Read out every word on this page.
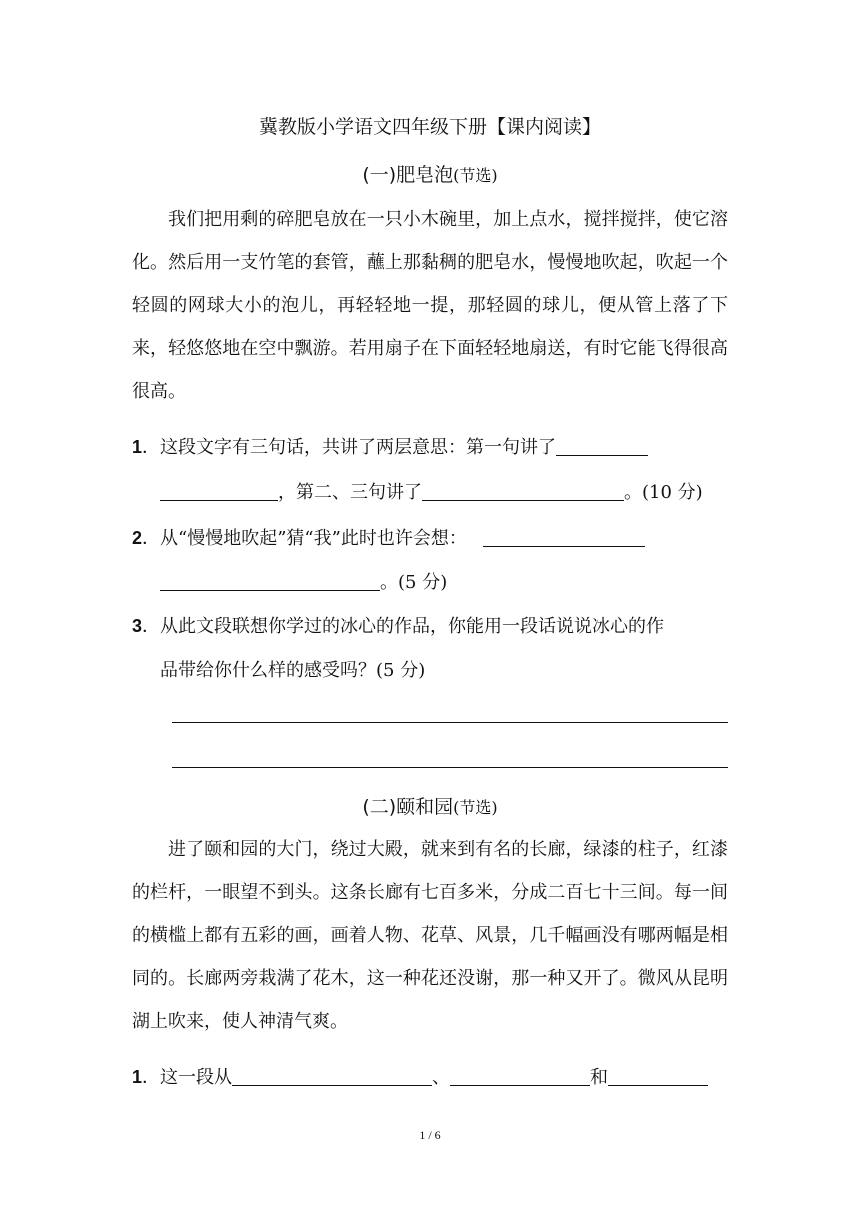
冀教版小学语文四年级下册【课内阅读】
(一)肥皂泡(节选)

我们把用剩的碎肥皂放在一只小木碗里，加上点水，搅拌搅拌，使它溶化。然后用一支竹笔的套管，蘸上那黏稠的肥皂水，慢慢地吹起，吹起一个轻圆的网球大小的泡儿，再轻轻地一提，那轻圆的球儿，便从管上落了下来，轻悠悠地在空中飘游。若用扇子在下面轻轻地扇送，有时它能飞得很高很高。

1．这段文字有三句话，共讲了两层意思：第一句讲了
，第二、三句讲了	。(10 分)
2．从“慢慢地吹起”猜“我”此时也许会想：
。(5 分)
3．从此文段联想你学过的冰心的作品，你能用一段话说说冰心的作
品带给你什么样的感受吗？(5 分)
(二)颐和园(节选)

进了颐和园的大门，绕过大殿，就来到有名的长廊，绿漆的柱子，红漆的栏杆，一眼望不到头。这条长廊有七百多米，分成二百七十三间。每一间的横槛上都有五彩的画，画着人物、花草、风景，几千幅画没有哪两幅是相同的。长廊两旁栽满了花木，这一种花还没谢，那一种又开了。微风从昆明湖上吹来，使人神清气爽。

1．这一段从	、	和
1 / 6
